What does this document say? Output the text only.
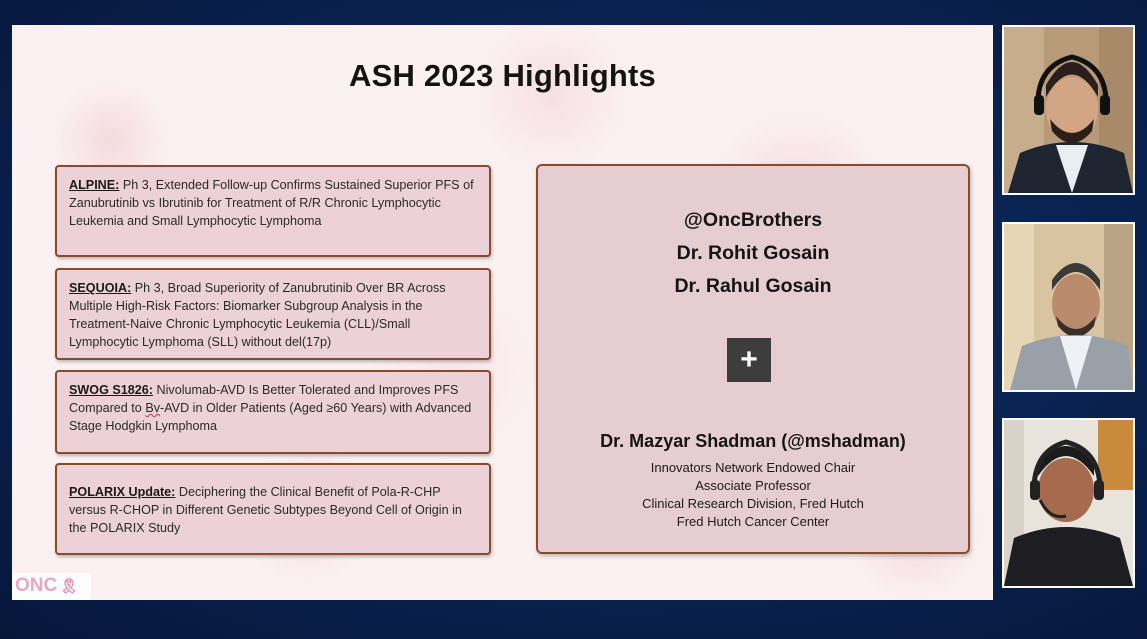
ASH 2023 Highlights
ALPINE: Ph 3, Extended Follow-up Confirms Sustained Superior PFS of Zanubrutinib vs Ibrutinib for Treatment of R/R Chronic Lymphocytic Leukemia and Small Lymphocytic Lymphoma
SEQUOIA: Ph 3, Broad Superiority of Zanubrutinib Over BR Across Multiple High-Risk Factors: Biomarker Subgroup Analysis in the Treatment-Naive Chronic Lymphocytic Leukemia (CLL)/Small Lymphocytic Lymphoma (SLL) without del(17p)
SWOG S1826: Nivolumab-AVD Is Better Tolerated and Improves PFS Compared to Bv-AVD in Older Patients (Aged ≥60 Years) with Advanced Stage Hodgkin Lymphoma
POLARIX Update: Deciphering the Clinical Benefit of Pola-R-CHP versus R-CHOP in Different Genetic Subtypes Beyond Cell of Origin in the POLARIX Study
@OncBrothers
Dr. Rohit Gosain
Dr. Rahul Gosain
+
Dr. Mazyar Shadman (@mshadman)
Innovators Network Endowed Chair
Associate Professor
Clinical Research Division, Fred Hutch
Fred Hutch Cancer Center
ONC 🎗
